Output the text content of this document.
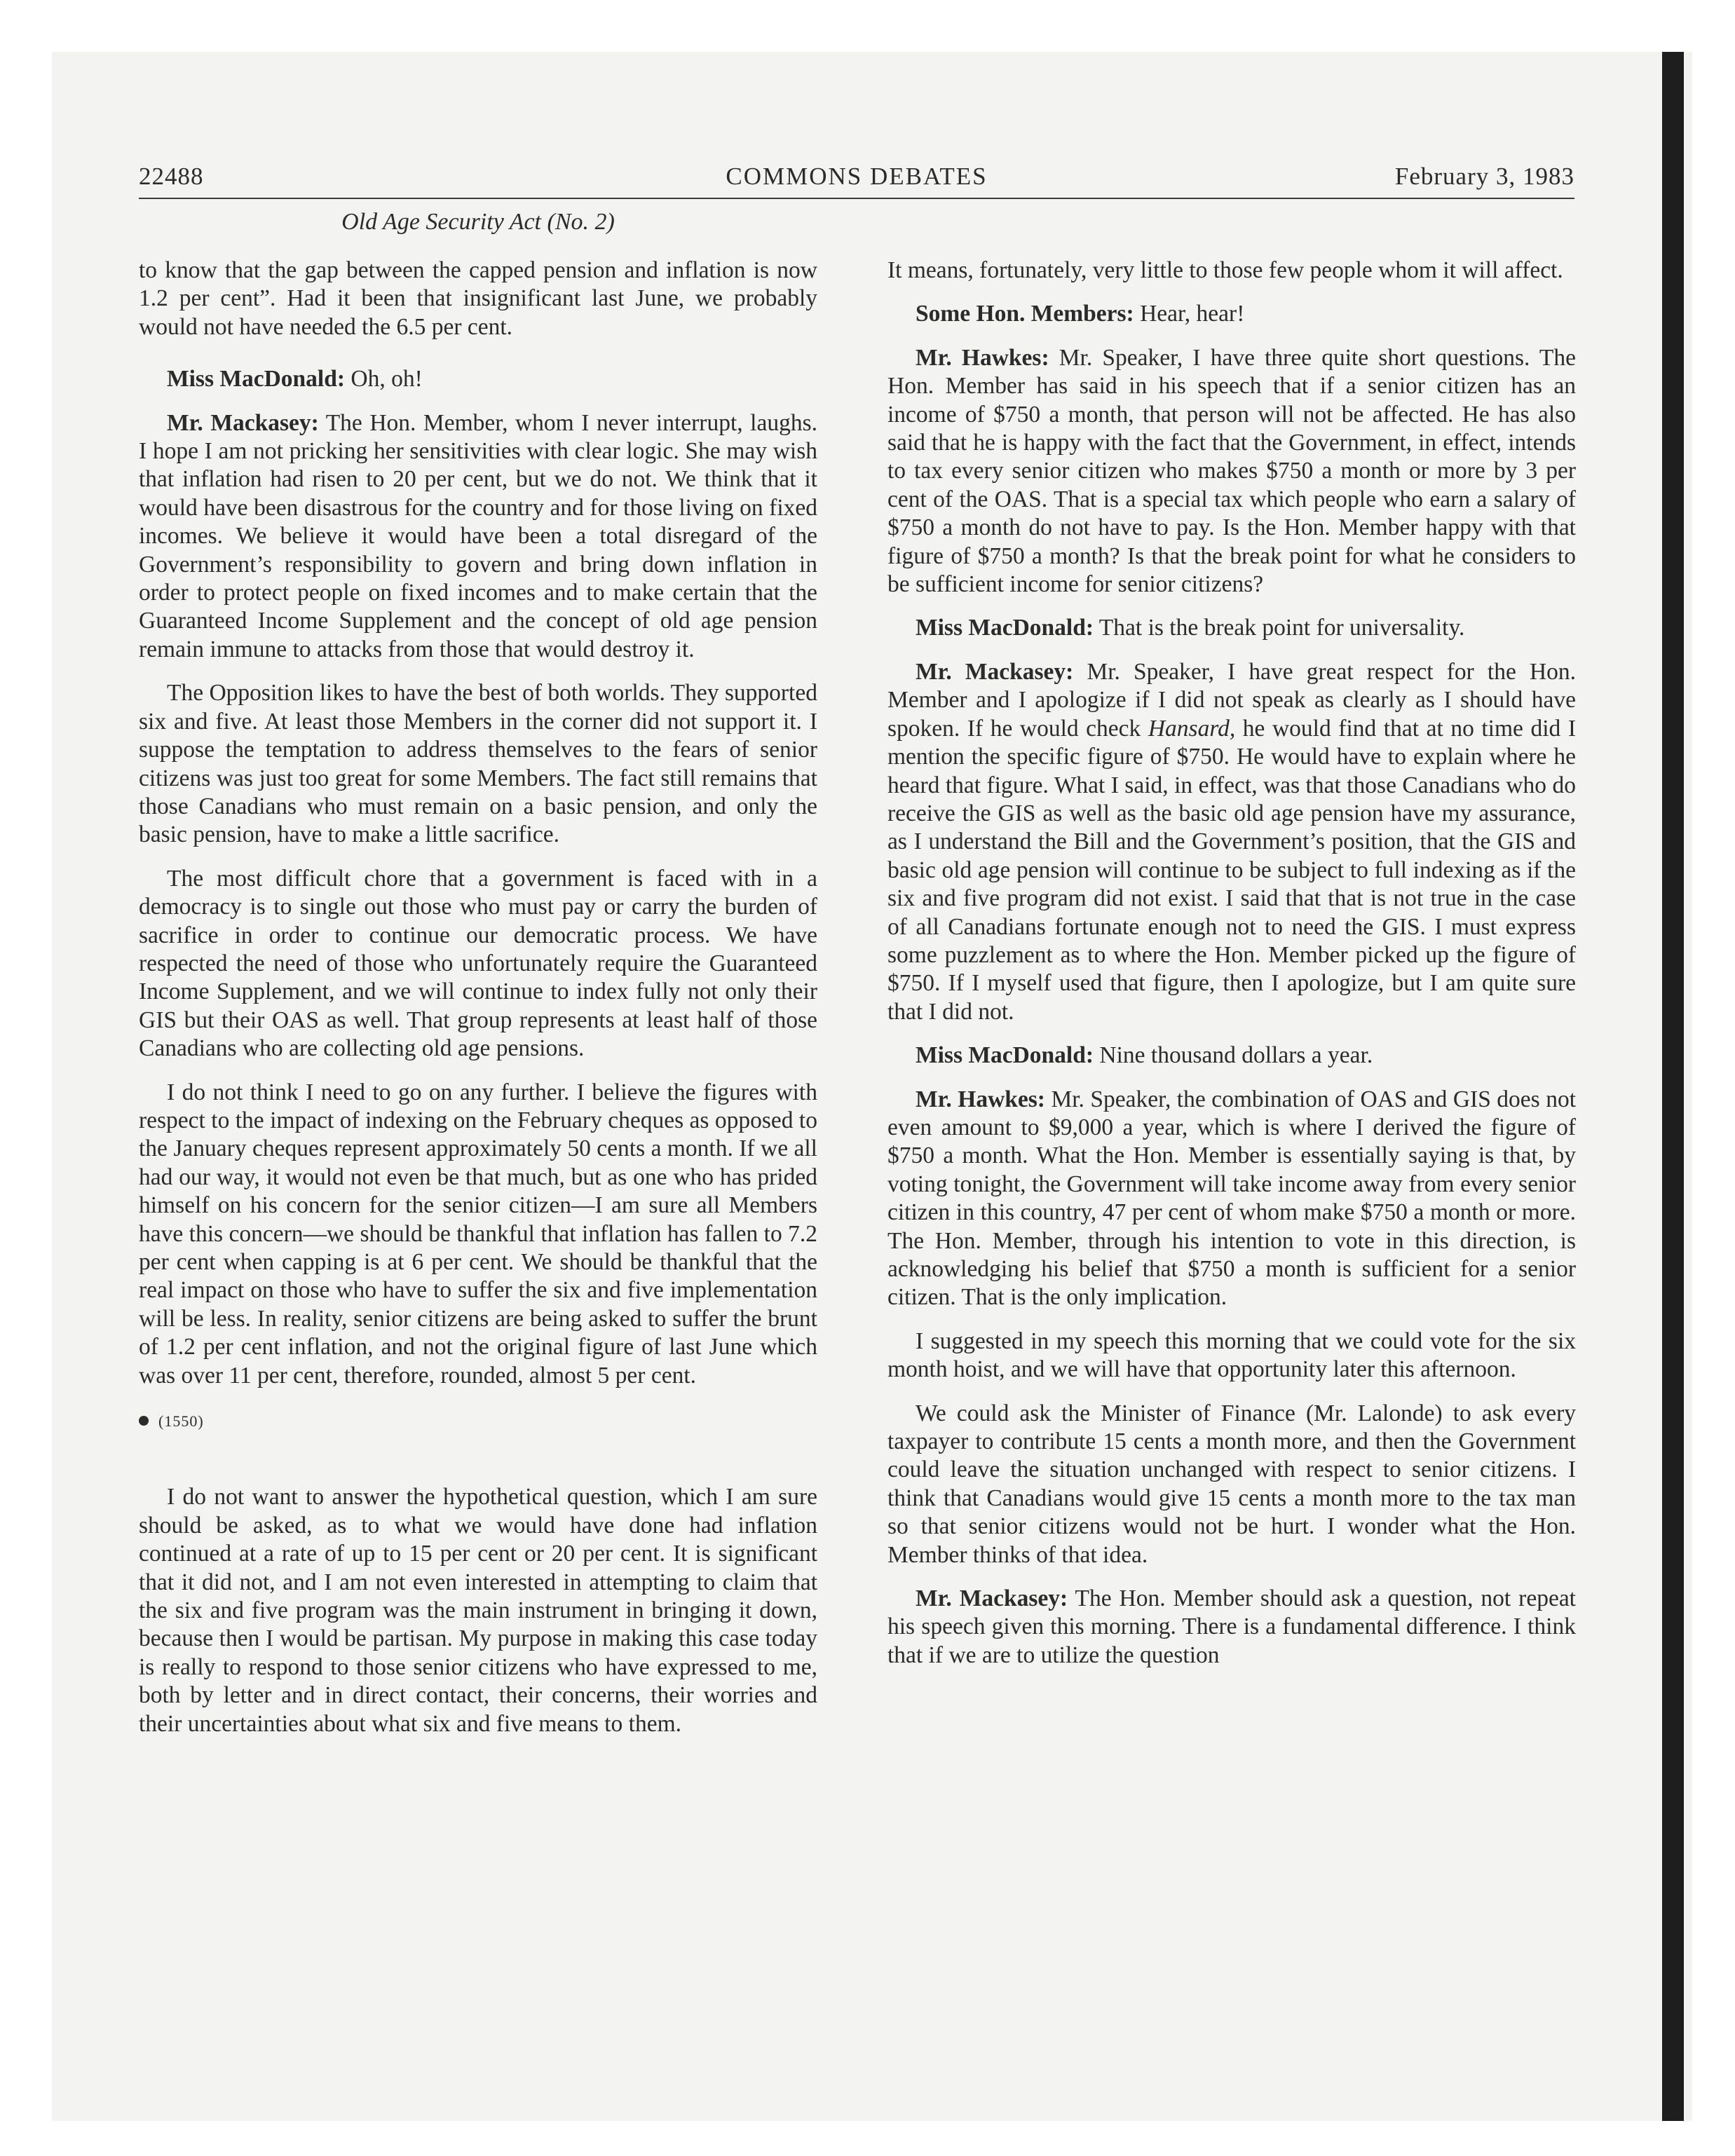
22488	COMMONS DEBATES	February 3, 1983
Old Age Security Act (No. 2)

to know that the gap between the capped pension and inflation is now 1.2 per cent”. Had it been that insignificant last June, we probably would not have needed the 6.5 per cent.

Miss MacDonald: Oh, oh!

Mr. Mackasey: The Hon. Member, whom I never interrupt, laughs. I hope I am not pricking her sensitivities with clear logic. She may wish that inflation had risen to 20 per cent, but we do not. We think that it would have been disastrous for the country and for those living on fixed incomes. We believe it would have been a total disregard of the Government’s responsibility to govern and bring down inflation in order to protect people on fixed incomes and to make certain that the Guaranteed Income Supplement and the concept of old age pension remain immune to attacks from those that would destroy it.

The Opposition likes to have the best of both worlds. They supported six and five. At least those Members in the corner did not support it. I suppose the temptation to address themselves to the fears of senior citizens was just too great for some Members. The fact still remains that those Canadians who must remain on a basic pension, and only the basic pension, have to make a little sacrifice.

The most difficult chore that a government is faced with in a democracy is to single out those who must pay or carry the burden of sacrifice in order to continue our democratic process. We have respected the need of those who unfortunately require the Guaranteed Income Supplement, and we will continue to index fully not only their GIS but their OAS as well. That group represents at least half of those Canadians who are collecting old age pensions.

I do not think I need to go on any further. I believe the figures with respect to the impact of indexing on the February cheques as opposed to the January cheques represent approximately 50 cents a month. If we all had our way, it would not even be that much, but as one who has prided himself on his concern for the senior citizen—I am sure all Members have this concern—we should be thankful that inflation has fallen to 7.2 per cent when capping is at 6 per cent. We should be thankful that the real impact on those who have to suffer the six and five implementation will be less. In reality, senior citizens are being asked to suffer the brunt of 1.2 per cent inflation, and not the original figure of last June which was over 11 per cent, therefore, rounded, almost 5 per cent.

(1550)

I do not want to answer the hypothetical question, which I am sure should be asked, as to what we would have done had inflation continued at a rate of up to 15 per cent or 20 per cent. It is significant that it did not, and I am not even interested in attempting to claim that the six and five program was the main instrument in bringing it down, because then I would be partisan. My purpose in making this case today is really to respond to those senior citizens who have expressed to me, both by letter and in direct contact, their concerns, their worries and their uncertainties about what six and five means to them.

It means, fortunately, very little to those few people whom it will affect.

Some Hon. Members: Hear, hear!

Mr. Hawkes: Mr. Speaker, I have three quite short questions. The Hon. Member has said in his speech that if a senior citizen has an income of $750 a month, that person will not be affected. He has also said that he is happy with the fact that the Government, in effect, intends to tax every senior citizen who makes $750 a month or more by 3 per cent of the OAS. That is a special tax which people who earn a salary of $750 a month do not have to pay. Is the Hon. Member happy with that figure of $750 a month? Is that the break point for what he considers to be sufficient income for senior citizens?

Miss MacDonald: That is the break point for universality.

Mr. Mackasey: Mr. Speaker, I have great respect for the Hon. Member and I apologize if I did not speak as clearly as I should have spoken. If he would check Hansard, he would find that at no time did I mention the specific figure of $750. He would have to explain where he heard that figure. What I said, in effect, was that those Canadians who do receive the GIS as well as the basic old age pension have my assurance, as I understand the Bill and the Government’s position, that the GIS and basic old age pension will continue to be subject to full indexing as if the six and five program did not exist. I said that that is not true in the case of all Canadians fortunate enough not to need the GIS. I must express some puzzlement as to where the Hon. Member picked up the figure of $750. If I myself used that figure, then I apologize, but I am quite sure that I did not.

Miss MacDonald: Nine thousand dollars a year.

Mr. Hawkes: Mr. Speaker, the combination of OAS and GIS does not even amount to $9,000 a year, which is where I derived the figure of $750 a month. What the Hon. Member is essentially saying is that, by voting tonight, the Government will take income away from every senior citizen in this country, 47 per cent of whom make $750 a month or more. The Hon. Member, through his intention to vote in this direction, is acknowledging his belief that $750 a month is sufficient for a senior citizen. That is the only implication.

I suggested in my speech this morning that we could vote for the six month hoist, and we will have that opportunity later this afternoon.

We could ask the Minister of Finance (Mr. Lalonde) to ask every taxpayer to contribute 15 cents a month more, and then the Government could leave the situation unchanged with respect to senior citizens. I think that Canadians would give 15 cents a month more to the tax man so that senior citizens would not be hurt. I wonder what the Hon. Member thinks of that idea.

Mr. Mackasey: The Hon. Member should ask a question, not repeat his speech given this morning. There is a fundamental difference. I think that if we are to utilize the question
